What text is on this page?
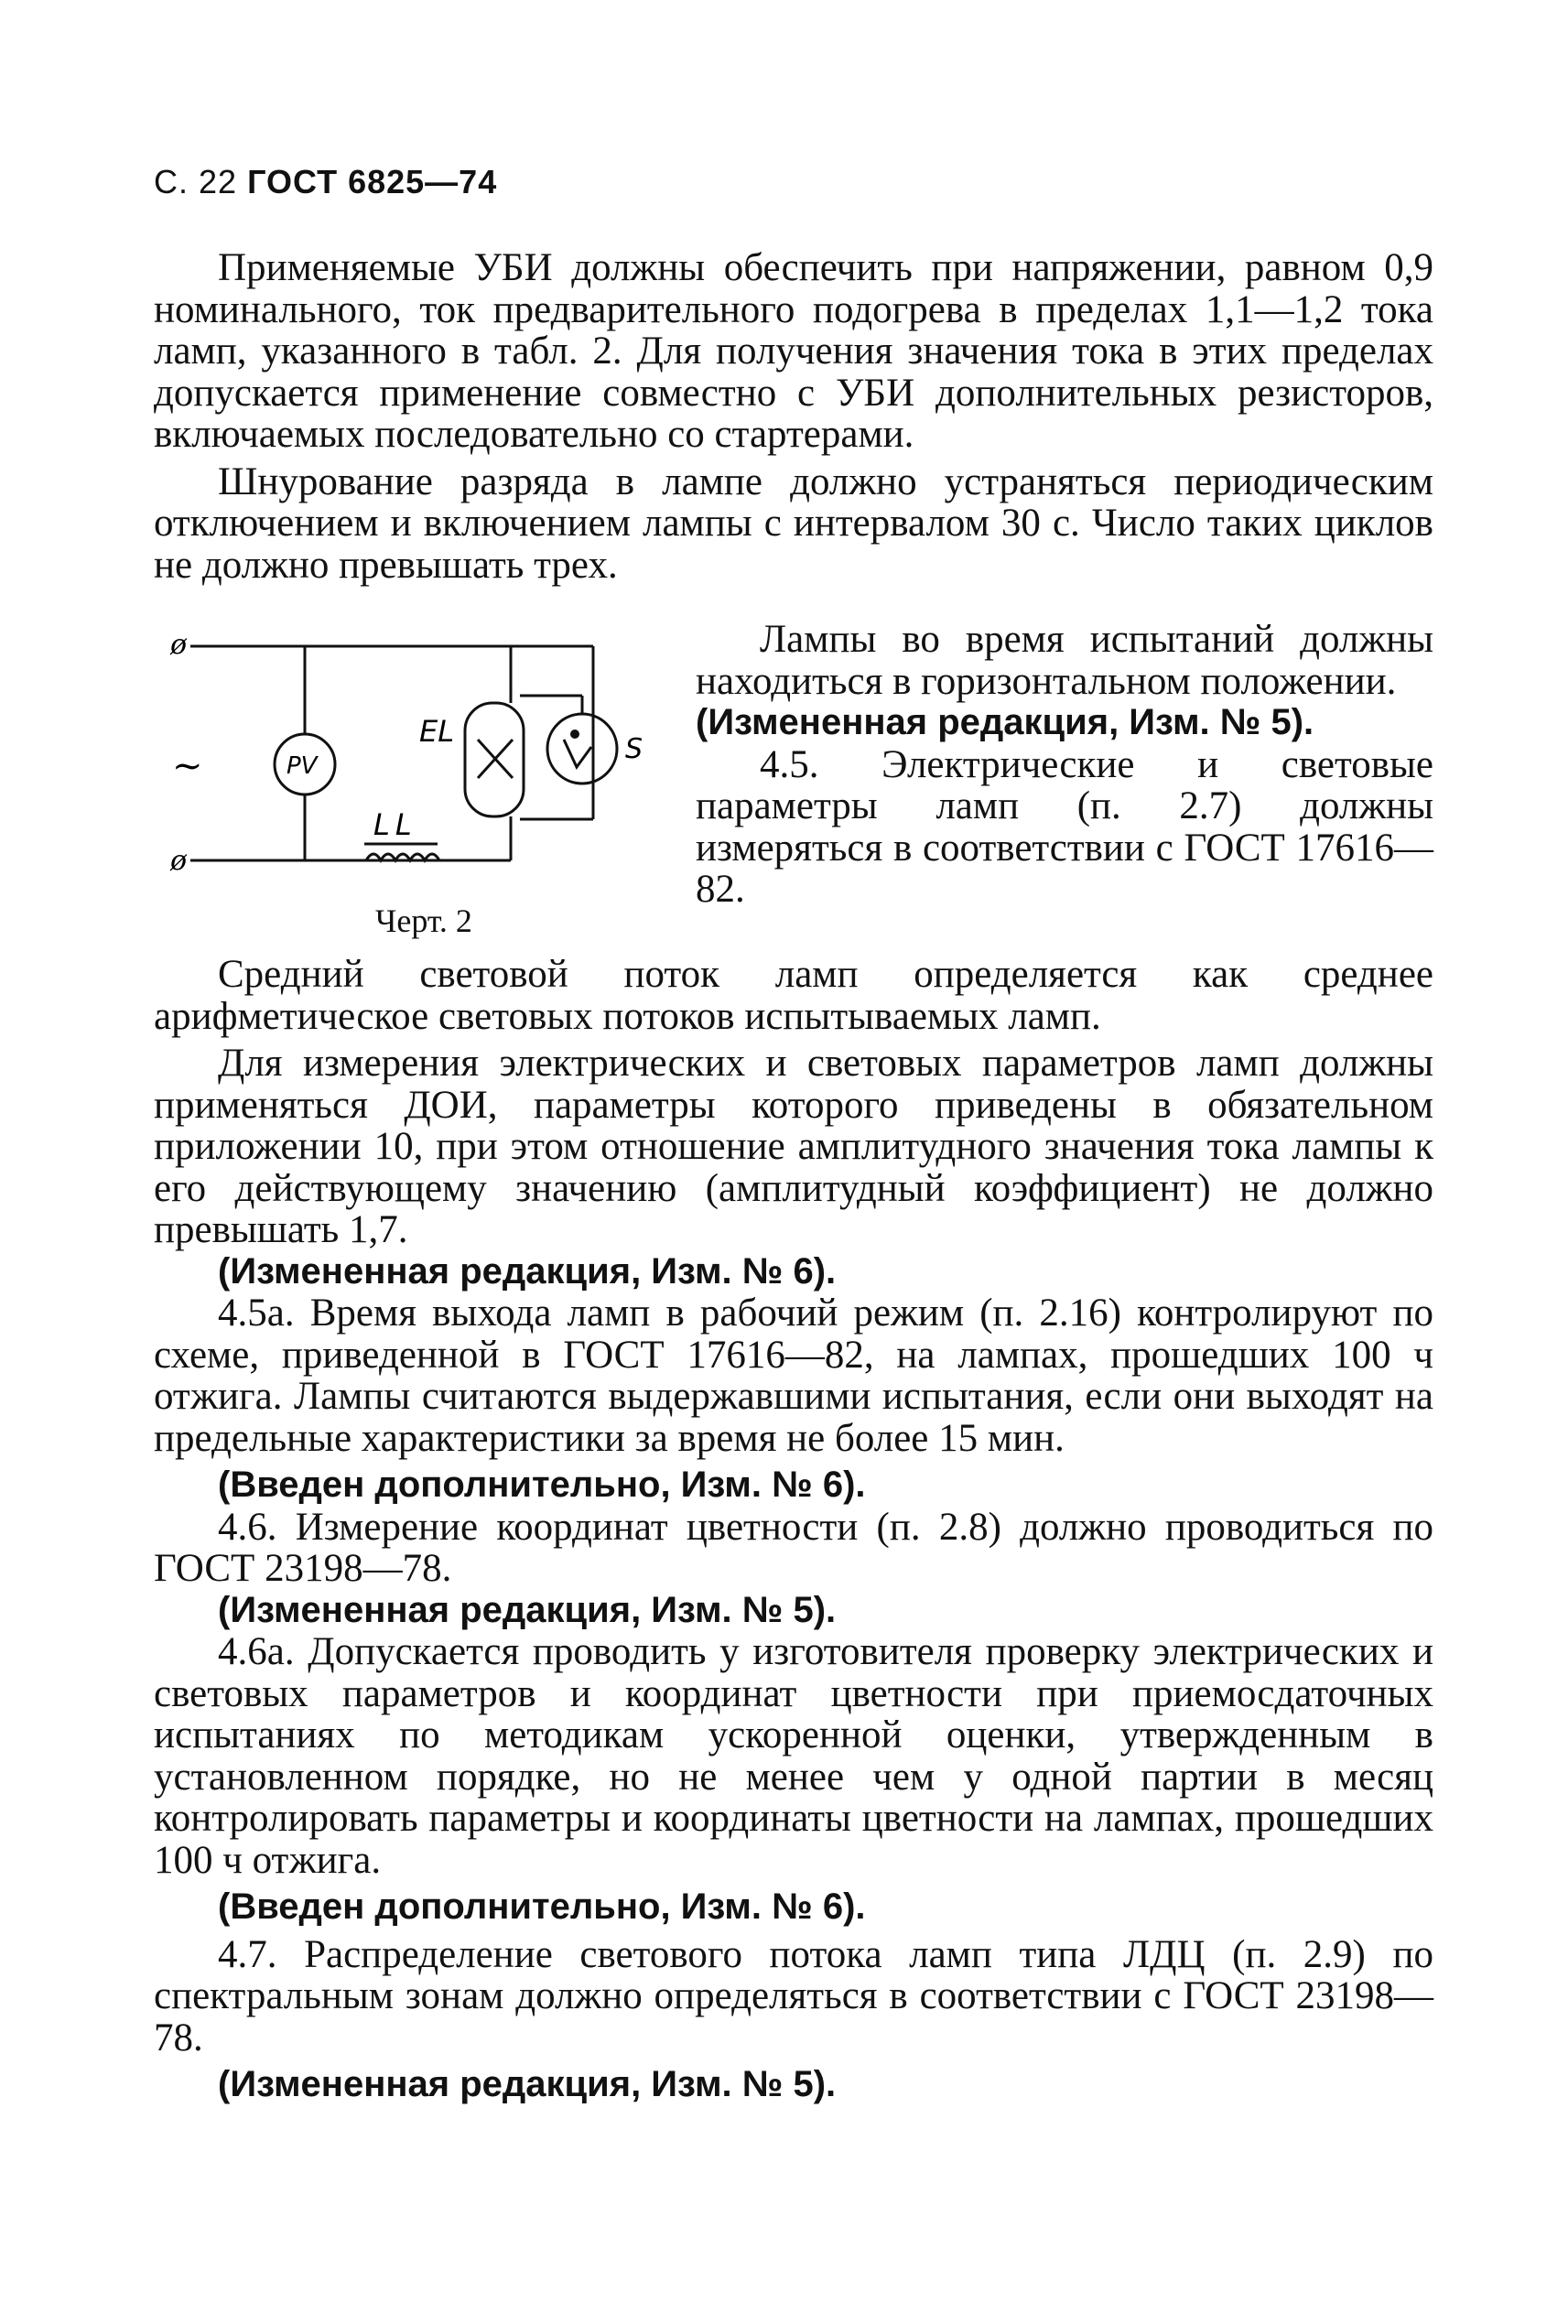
С. 22 ГОСТ 6825—74

Применяемые УБИ должны обеспечить при напряжении, равном 0,9 номинального, ток предварительного подогрева в пределах 1,1—1,2 тока ламп, указанного в табл. 2. Для получения значения тока в этих пределах допускается применение совместно с УБИ дополнительных резисторов, включаемых последовательно со стартерами.

Шнурование разряда в лампе должно устраняться периодическим отключением и включением лампы с интервалом 30 с. Число таких циклов не должно превышать трех.

ø
ø
~	PV
EL
S
LL
Черт. 2

Лампы во время испытаний должны находиться в горизонтальном положении.

(Измененная редакция, Изм. № 5).

4.5. Электрические и световые параметры ламп (п. 2.7) должны измеряться в соответствии с ГОСТ 17616—82.

Средний световой поток ламп определяется как среднее арифметическое световых потоков испытываемых ламп.

Для измерения электрических и световых параметров ламп должны применяться ДОИ, параметры которого приведены в обязательном приложении 10, при этом отношение амплитудного значения тока лампы к его действующему значению (амплитудный коэффициент) не должно превышать 1,7.

(Измененная редакция, Изм. № 6).

4.5а. Время выхода ламп в рабочий режим (п. 2.16) контролируют по схеме, приведенной в ГОСТ 17616—82, на лампах, прошедших 100 ч отжига. Лампы считаются выдержавшими испытания, если они выходят на предельные характеристики за время не более 15 мин.

(Введен дополнительно, Изм. № 6).

4.6. Измерение координат цветности (п. 2.8) должно проводиться по ГОСТ 23198—78.

(Измененная редакция, Изм. № 5).

4.6а. Допускается проводить у изготовителя проверку электрических и световых параметров и координат цветности при приемосдаточных испытаниях по методикам ускоренной оценки, утвержденным в установленном порядке, но не менее чем у одной партии в месяц контролировать параметры и координаты цветности на лампах, прошедших 100 ч отжига.

(Введен дополнительно, Изм. № 6).

4.7. Распределение светового потока ламп типа ЛДЦ (п. 2.9) по спектральным зонам должно определяться в соответствии с ГОСТ 23198—78.

(Измененная редакция, Изм. № 5).
